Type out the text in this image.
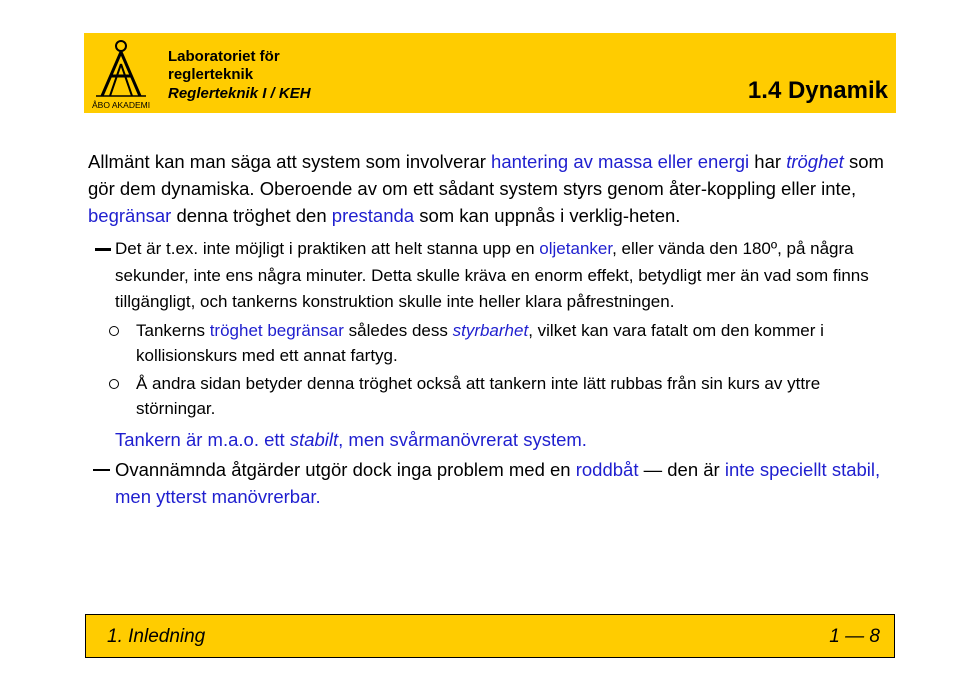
ÅBO AKADEMI
Laboratoriet för
reglerteknik
Reglerteknik I / KEH	1.4 Dynamik

Allmänt kan man säga att system som involverar hantering av massa eller energi har tröghet som gör dem dynamiska. Oberoende av om ett sådant system styrs genom åter-koppling eller inte, begränsar denna tröghet den prestanda som kan uppnås i verklig-heten.

Det är t.ex. inte möjligt i praktiken att helt stanna upp en oljetanker, eller vända den 180º, på några sekunder, inte ens några minuter. Detta skulle kräva en enorm effekt, betydligt mer än vad som finns tillgängligt, och tankerns konstruktion skulle inte heller klara påfrestningen.
Tankerns tröghet begränsar således dess styrbarhet, vilket kan vara fatalt om den kommer i kollisionskurs med ett annat fartyg.
Å andra sidan betyder denna tröghet också att tankern inte lätt rubbas från sin kurs av yttre störningar.
Tankern är m.a.o. ett stabilt, men svårmanövrerat system.
Ovannämnda åtgärder utgör dock inga problem med en roddbåt — den är inte speciellt stabil, men ytterst manövrerbar.
1. Inledning	1 — 8
